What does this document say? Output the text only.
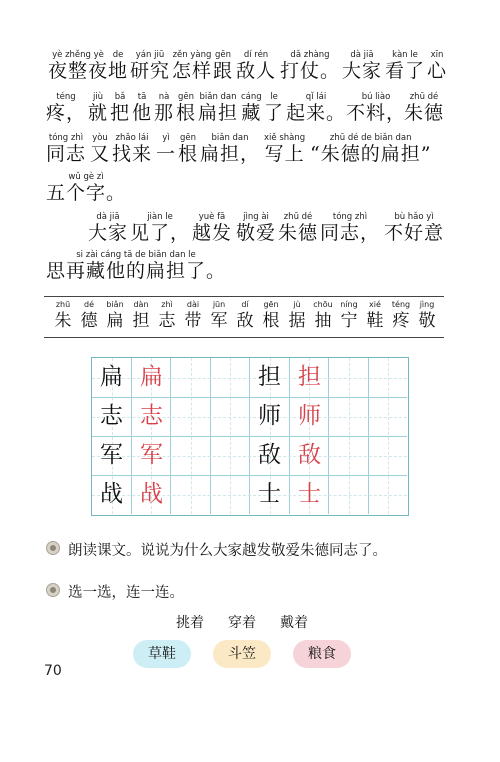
yè zhěng yè
夜整夜
de
地
yán jiū
研究
zěn yàng
怎样
gēn
跟
dí rén
敌人
dǎ zhàng
打仗。
dà jiā
大家
kàn le
看了
xīn
心
téng
疼，
jiù
就
bǎ
把
tā
他
nà
那
gēn
根
biǎn dan
扁担
cáng
藏
le
了
qǐ lái
起来。
bú liào
不料，
zhū dé
朱德
tóng zhì
同志
yòu
又
zhǎo lái
找来
yì
一
gēn
根
biǎn dan
扁担，
xiě shàng
写上
zhū dé de biǎn dan
“朱德的扁担”
wǔ gè zì
五个字。
dà jiā
大家
jiàn le
见了，
yuè fā
越发
jìng ài
敬爱
zhū dé
朱德
tóng zhì
同志，
bù hǎo yì
不好意
si zài cáng tā de biǎn dan le
思再藏他的扁担了。
zhū
朱
dé
德
biǎn
扁
dàn
担
zhì
志
dài
带
jūn
军
dí
敌
gēn
根
jù
据
chōu
抽
níng
宁
xié
鞋
téng
疼
jìng
敬
扁 扁
志 志
军 军
战 战
担 担
师 师
敌 敌
士 士
朗读课文。说说为什么大家越发敬爱朱德同志了。
选一选，连一连。
挑着 穿着 戴着
草鞋	斗笠	粮食
70
